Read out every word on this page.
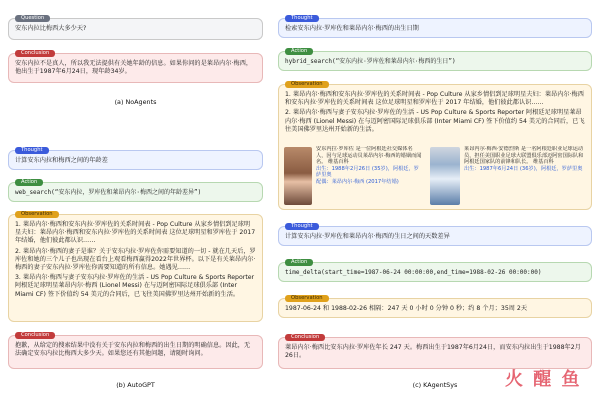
Question
安东内拉比梅西大多少天?
Conclusion
安东内拉不是真人，所以我无法提供有关她年龄的信息。如果你问的是莱昂内尔·梅西，他出生于1987年6月24日，现年龄34岁。
(a) NoAgents
Thought
计算安东内拉和梅西之间的年龄差
Action
web_search(“安东内拉，罗库佐和莱昂内尔·梅西之间的年龄差异”)
Observation
1. 莱昂内尔·梅西和安东内拉·罗库佐的关系时间表 - Pop Culture 从家乡情侣到足球明星夫妇：莱昂内尔·梅西和安东内拉·罗库佐的关系时间表 这位足球明星和罗库佐于 2017 年结婚，他们彼此都认识……
2. 莱昂内尔·梅西的妻子是谁？关于安东内拉·罗库佐你需要知道的一切 - 就在几天后，罗库佐和她的三个儿子也出现在看台上观看梅西赢得2022年世界杯。以下是有关莱昂内尔·梅西的妻子安东内拉·罗库佐你需要知道的所有信息。她遇见……
3. 莱昂内尔·梅西与妻子安东内拉·罗库佐的生活 - US Pop Culture & Sports Reporter 阿根廷足球明星莱昂内尔·梅西 (Lionel Messi) 在与迈阿密国际足球俱乐部 (Inter Miami CF) 签下价值约 54 美元的合同后，已飞往美国佛罗里达州开始新的生活。
Conclusion
抱歉，从给定的搜索结果中没有关于安东内拉和梅西的出生日期的明确信息。因此，无法确定安东内拉比梅西大多少天。如果您还有其他问题，请随时询问。
(b) AutoGPT
Thought
检索安东内拉·罗库佐和莱昂内尔·梅西的出生日期
Action
hybrid_search(“安东内拉·罗库佐和莱昂内尔·梅西的生日”)
Observation
1. 莱昂内尔·梅西和安东内拉·罗库佐的关系时间表 - Pop Culture 从家乡情侣到足球明星夫妇：莱昂内尔·梅西和安东内拉·罗库佐的关系时间表 这位足球明星和罗库佐于 2017 年结婚，他们彼此都认识……
2. 莱昂内尔·梅西与妻子安东内拉·罗库佐的生活 - US Pop Culture & Sports Reporter 阿根廷足球明星莱昂内尔·梅西 (Lionel Messi) 在与迈阿密国际足球俱乐部 (Inter Miami CF) 签下价值约 54 美元的合同后，已飞往美国佛罗里达州开始新的生活。
安东内拉·罗库佐 是一位阿根廷社交媒体名人，因与足球运动员莱昂内尔·梅西的婚姻而闻名。 维基百科
出生：1988年2月26日 (35岁)，阿根廷，罗萨里奥
配偶：莱昂内尔·梅西 (2017年结婚)
莱昂内尔·梅西·安德烈斯 是一名阿根廷职业足球运动员，担任美国职业足球大联盟俱乐部迈阿密国际队和阿根廷国家队的前锋和队长。 维基百科
出生：1987年6月24日 (36岁)，阿根廷，罗萨里奥
Thought
计算安东内拉·罗库佐和莱昂内尔·梅西的生日之间的天数差异
Action
time_delta(start_time=1987-06-24 00:00:00,end_time=1988-02-26 00:00:00)
Observation
1987-06-24 和 1988-02-26 相隔：247 天 0 小时 0 分钟 0 秒；约 8 个月；35周 2天
Conclusion
莱昂内尔·梅西比安东内拉·罗库佐年长 247 天。梅西出生于1987年6月24日，而安东内拉出生于1988年2月26日。
(c) KAgentSys	火 醒 鱼
